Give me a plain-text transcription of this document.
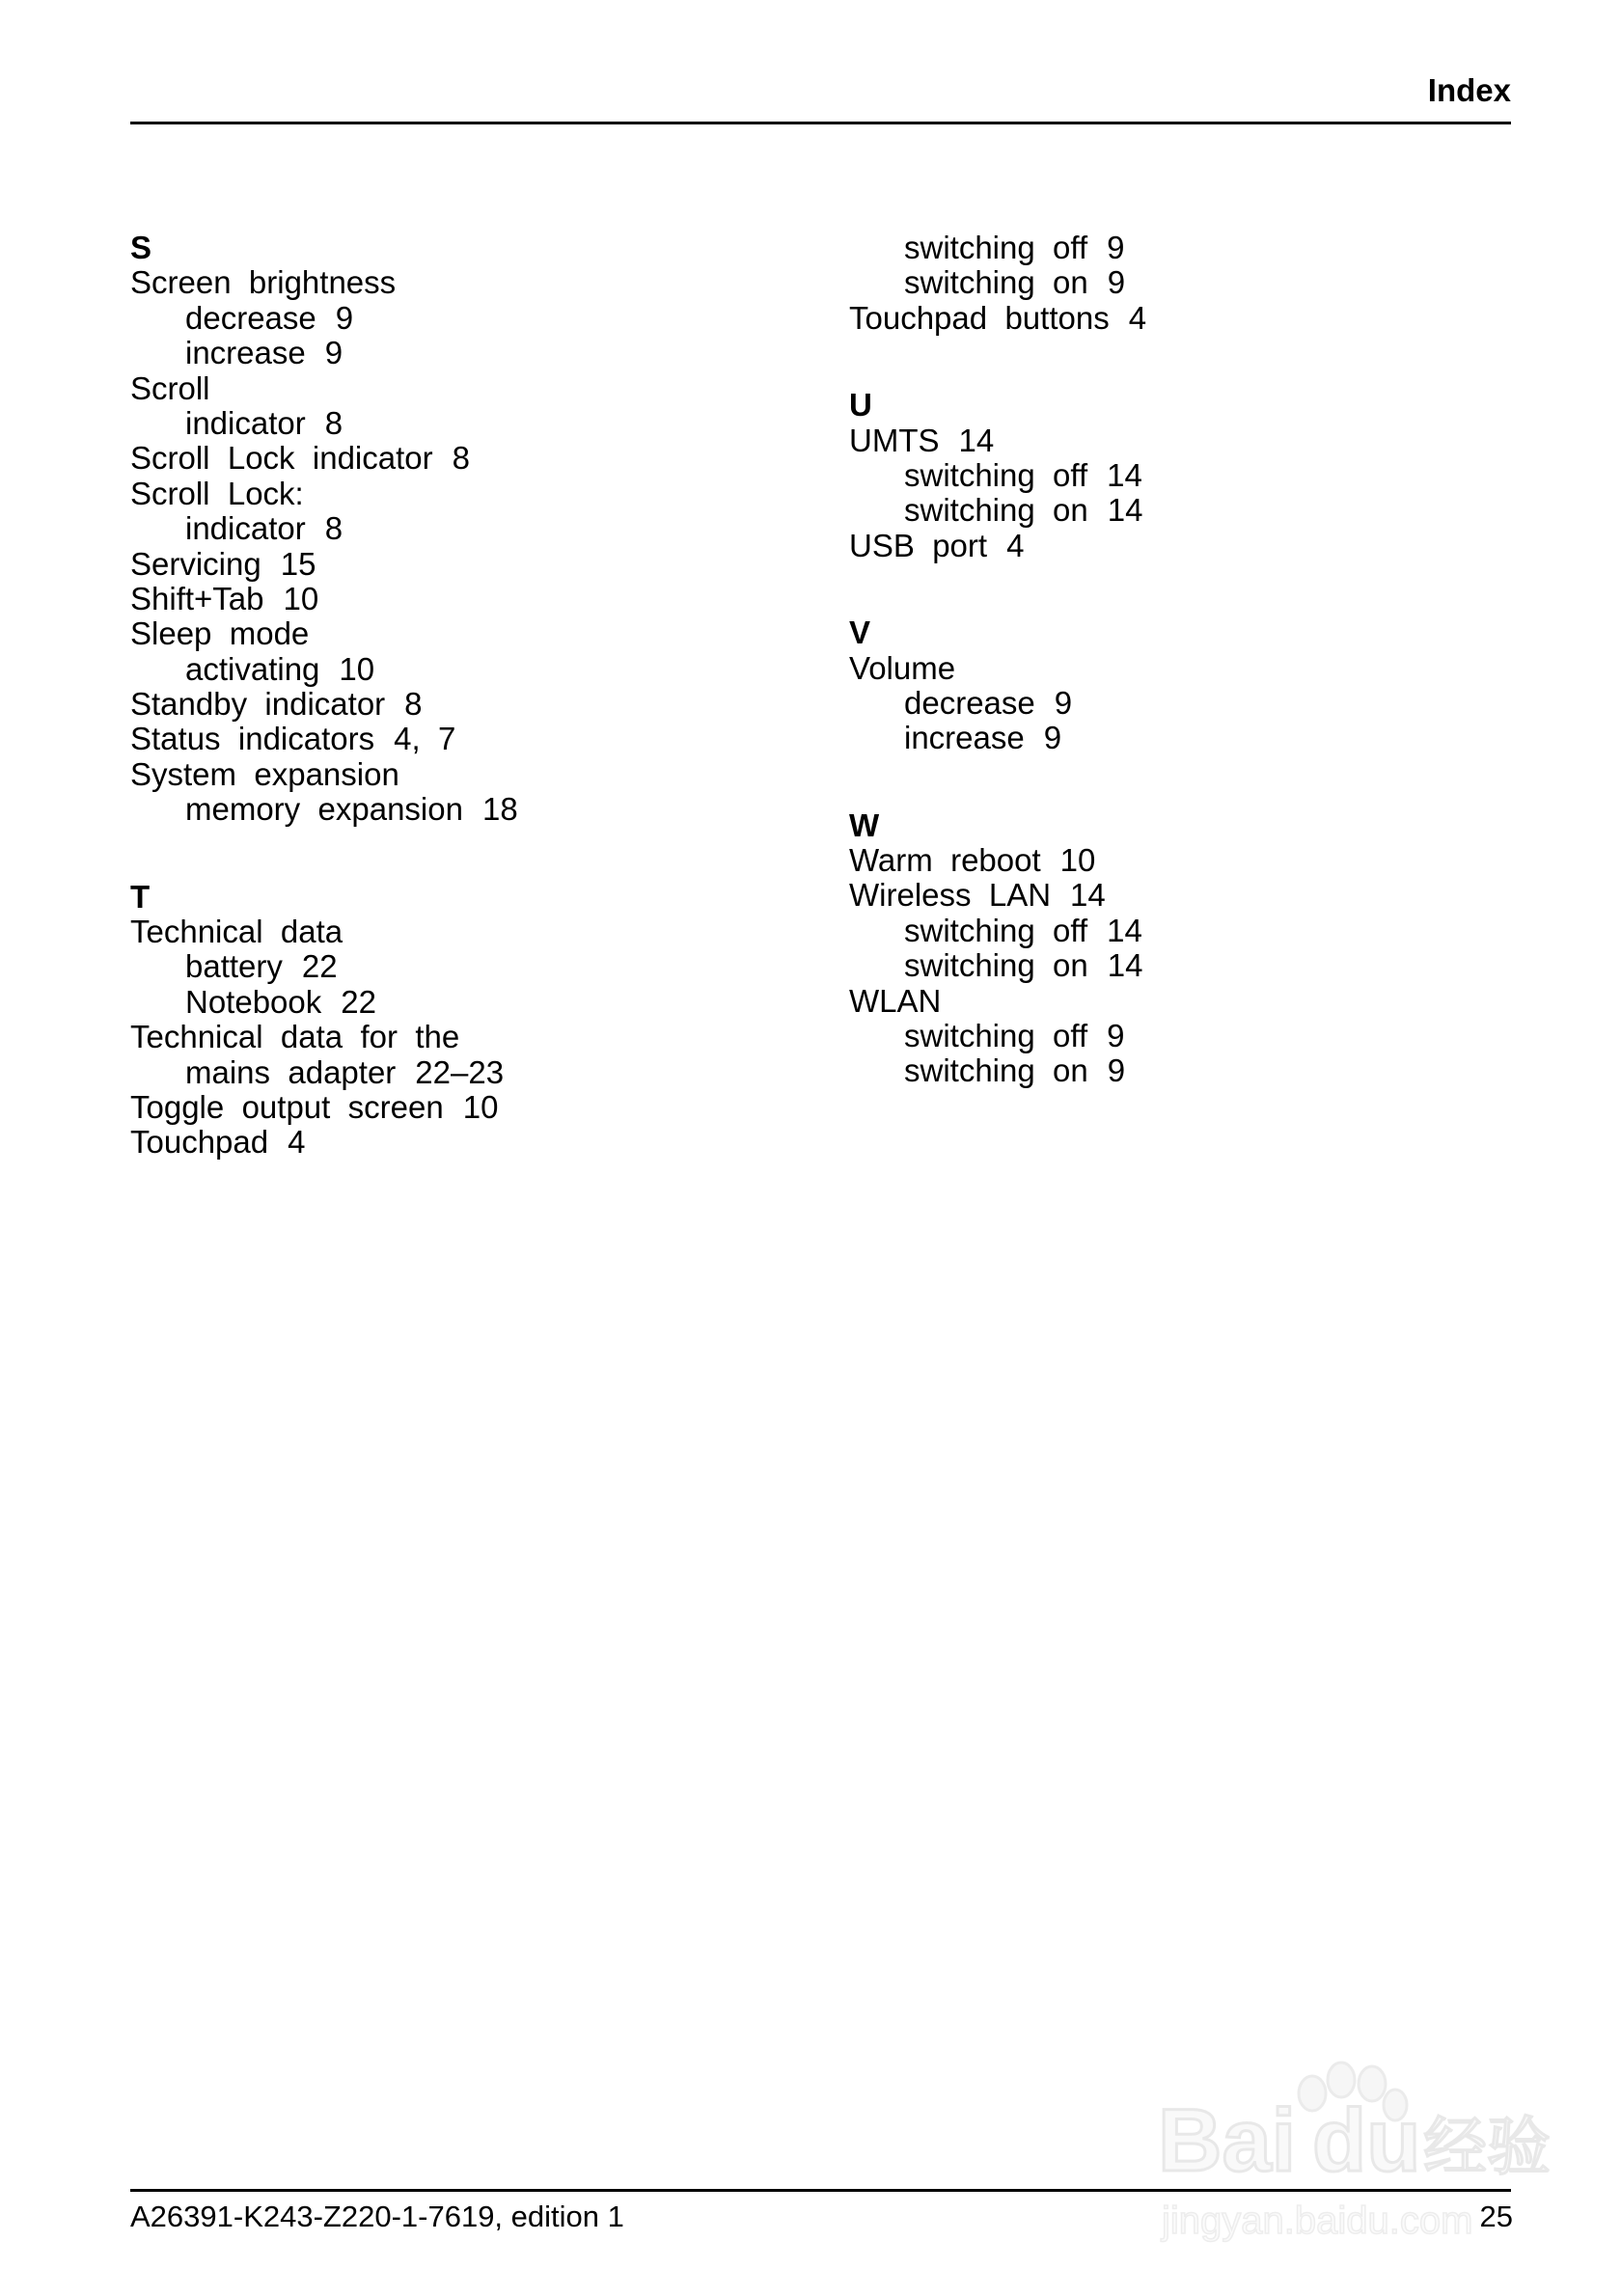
Index
S
Screen  brightness
decrease 9
increase 9
Scroll
indicator 8
Scroll  Lock  indicator 8
Scroll  Lock:
indicator 8
Servicing 15
Shift+Tab 10
Sleep  mode
activating 10
Standby  indicator 8
Status  indicators 4,  7
System  expansion
memory  expansion 18
T
Technical  data
battery 22
Notebook 22
Technical  data  for  the
mains  adapter 22–23
Toggle  output  screen 10
Touchpad 4
switching  off 9
switching  on 9
Touchpad  buttons 4
U
UMTS 14
switching  off 14
switching  on 14
USB  port 4
V
Volume
decrease 9
increase 9
W
Warm  reboot 10
Wireless  LAN 14
switching  off 14
switching  on 14
WLAN
switching  off 9
switching  on 9
A26391-K243-Z220-1-7619, edition 1	25
Bai du 经验
jingyan.baidu.com
